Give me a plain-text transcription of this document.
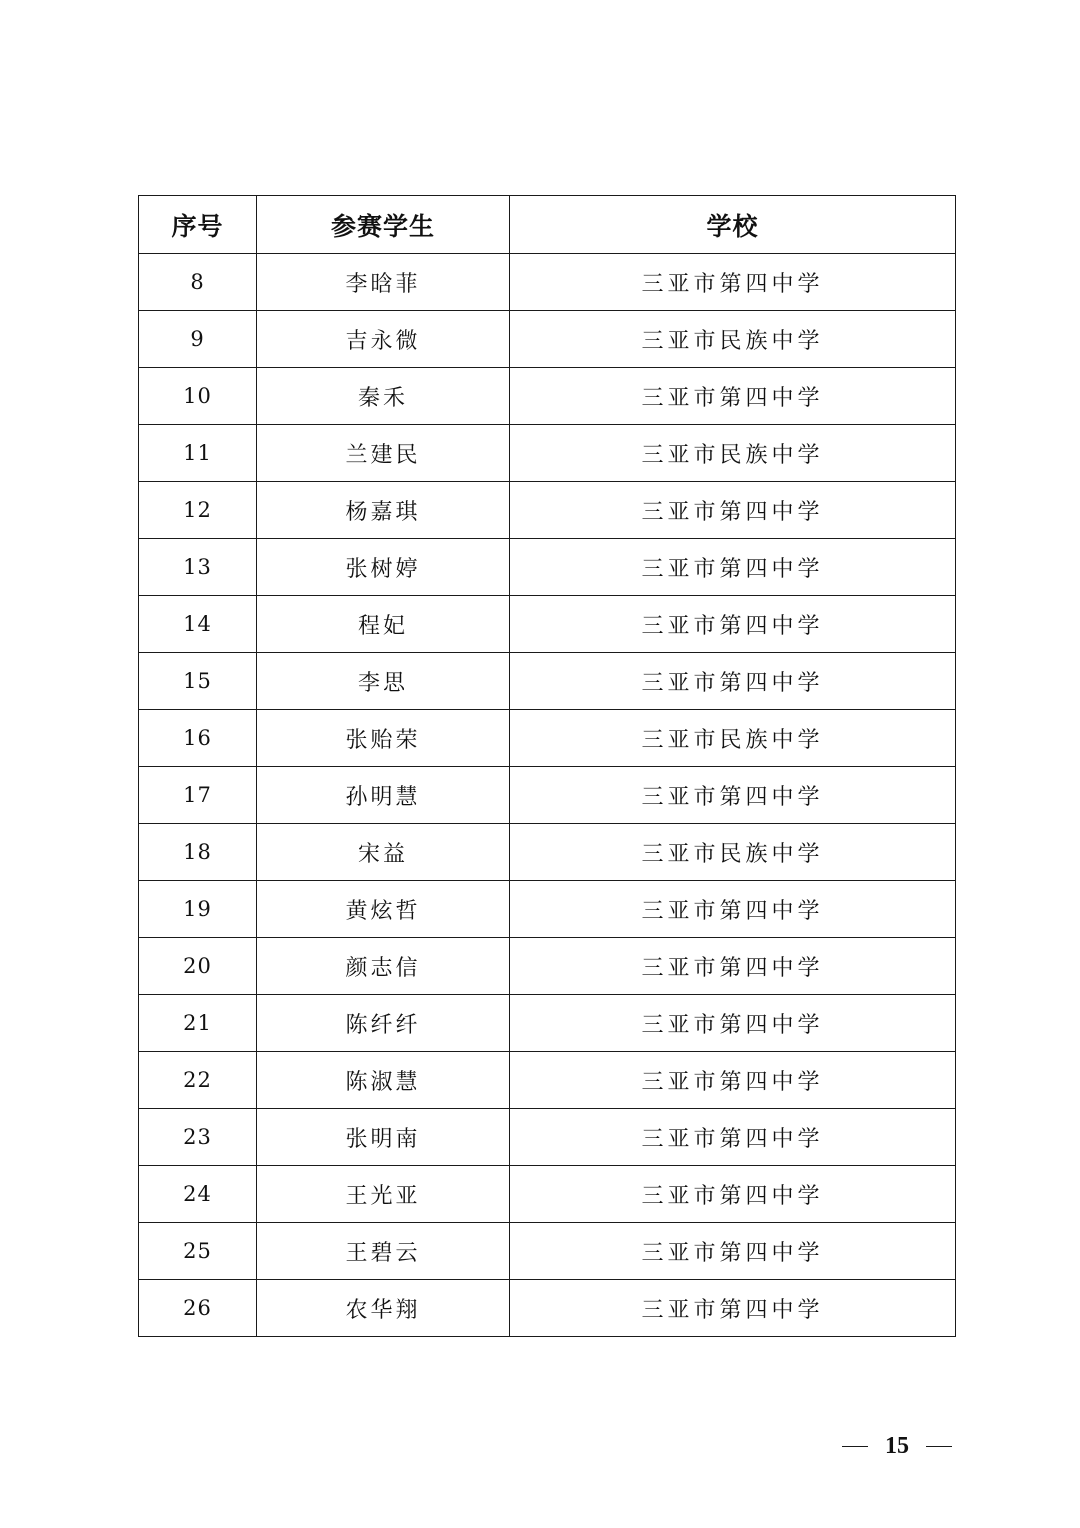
序号	参赛学生	学校
8	李晗菲	三亚市第四中学
9	吉永微	三亚市民族中学
10	秦禾	三亚市第四中学
11	兰建民	三亚市民族中学
12	杨嘉琪	三亚市第四中学
13	张树婷	三亚市第四中学
14	程妃	三亚市第四中学
15	李思	三亚市第四中学
16	张贻荣	三亚市民族中学
17	孙明慧	三亚市第四中学
18	宋益	三亚市民族中学
19	黄炫哲	三亚市第四中学
20	颜志信	三亚市第四中学
21	陈纤纤	三亚市第四中学
22	陈淑慧	三亚市第四中学
23	张明南	三亚市第四中学
24	王光亚	三亚市第四中学
25	王碧云	三亚市第四中学
26	农华翔	三亚市第四中学
15
